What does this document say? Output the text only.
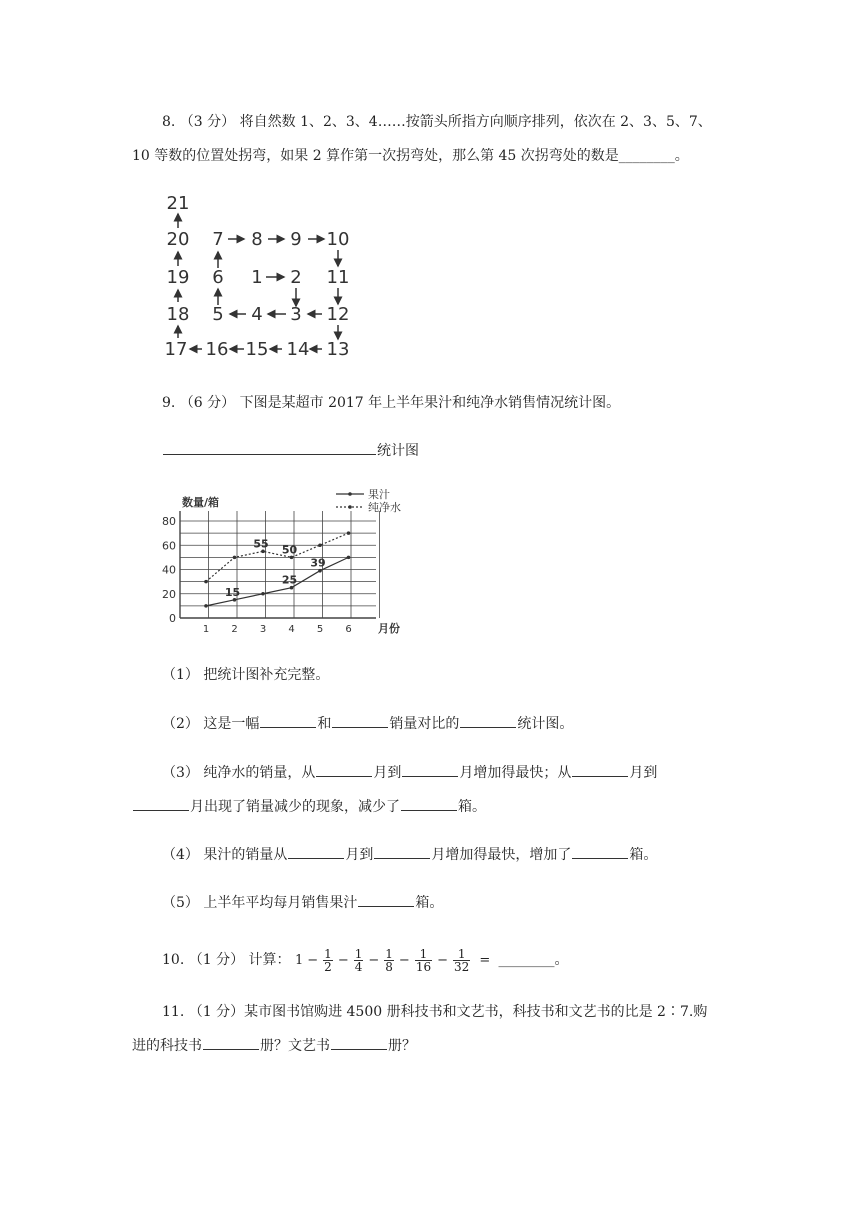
8. （3 分） 将自然数 1、2、3、4……按箭头所指方向顺序排列，依次在 2、3、5、7、
10 等数的位置处拐弯，如果 2 算作第一次拐弯处，那么第 45 次拐弯处的数是________。
21
20
19
18
17 16 15 14 13
12
11
10
9
8
7
6
5 4 3
2
1
9. （6 分） 下图是某超市 2017 年上半年果汁和纯净水销售情况统计图。
统计图
0
20
40
60
80
1 2 3 4 5 6
数量/箱
月份
15
25
39
果汁
55 50
纯净水
（1） 把统计图补充完整。
（2） 这是一幅	和	销量对比的	统计图。
（3） 纯净水的销量，从	月到	月增加得最快；从	月到
月出现了销量减少的现象，减少了	箱。
（4） 果汁的销量从	月到	月增加得最快，增加了	箱。
（5） 上半年平均每月销售果汁	箱。
10. （1 分） 计算： $1 - \frac{1}{2} - \frac{1}{4} - \frac{1}{8} - \frac{1}{16} - \frac{1}{32}$ = ________。
11. （1 分）某市图书馆购进 4500 册科技书和文艺书，科技书和文艺书的比是 2∶7.购
进的科技书	册？文艺书	册？
